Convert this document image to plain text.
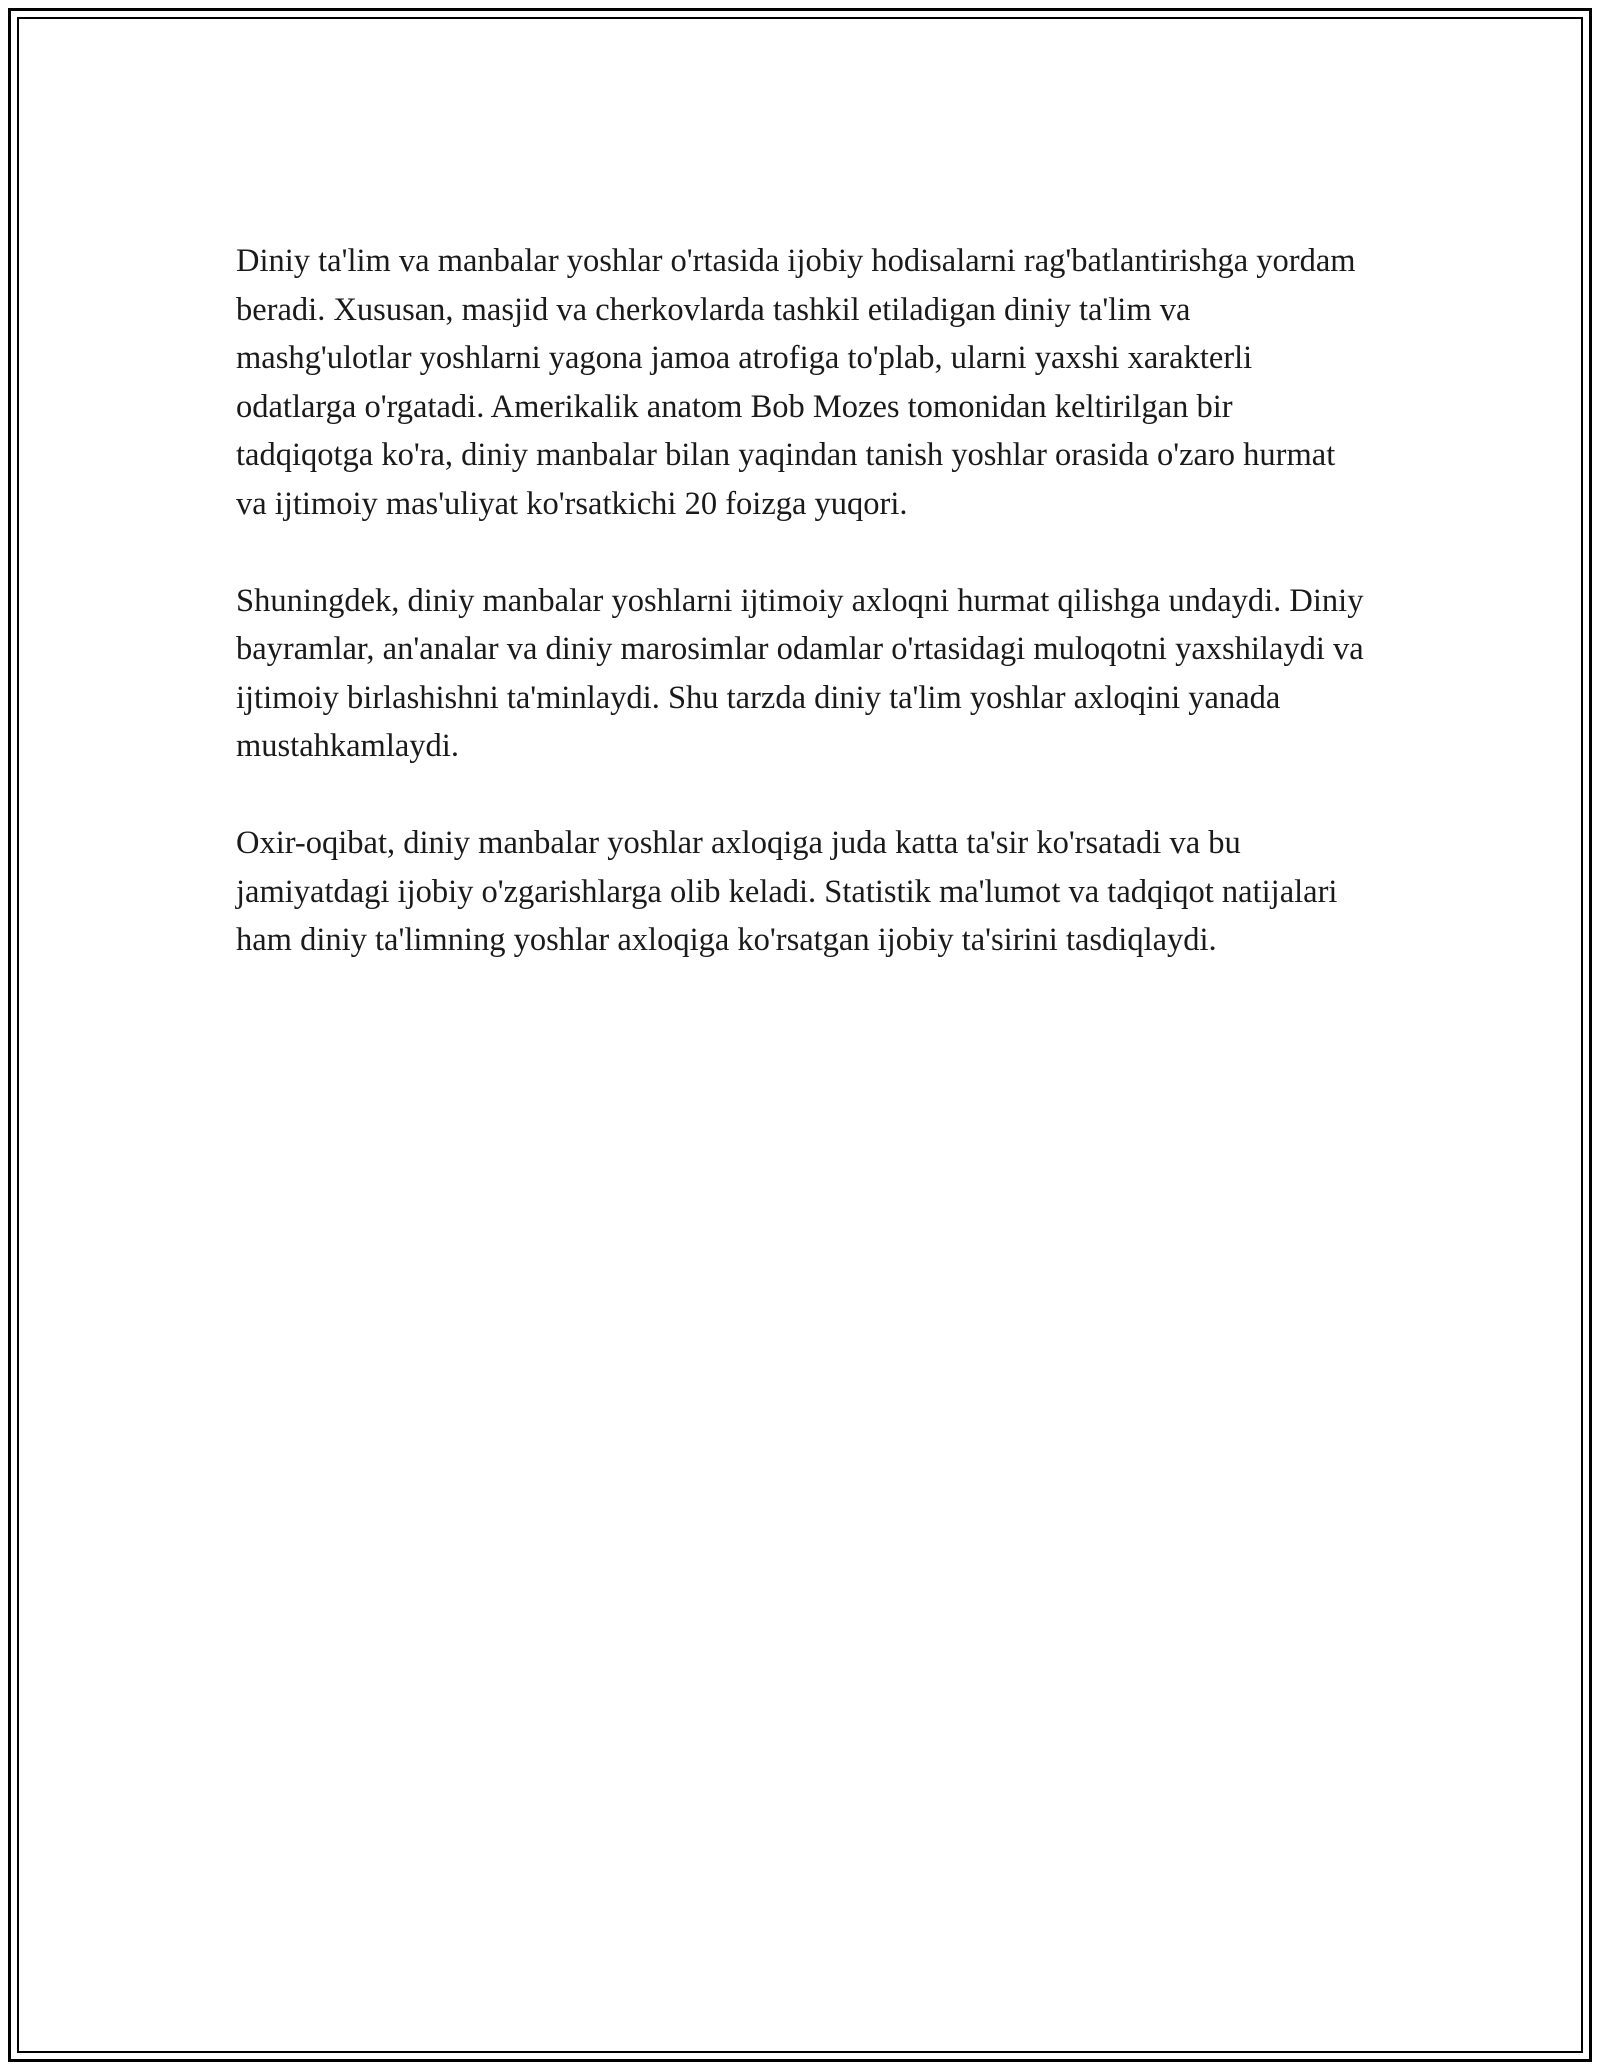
Diniy ta'lim va manbalar yoshlar o'rtasida ijobiy hodisalarni rag'batlantirishga yordam beradi. Xususan, masjid va cherkovlarda tashkil etiladigan diniy ta'lim va mashg'ulotlar yoshlarni yagona jamoa atrofiga to'plab, ularni yaxshi xarakterli odatlarga o'rgatadi. Amerikalik anatom Bob Mozes tomonidan keltirilgan bir tadqiqotga ko'ra, diniy manbalar bilan yaqindan tanish yoshlar orasida o'zaro hurmat va ijtimoiy mas'uliyat ko'rsatkichi 20 foizga yuqori.

Shuningdek, diniy manbalar yoshlarni ijtimoiy axloqni hurmat qilishga undaydi. Diniy bayramlar, an'analar va diniy marosimlar odamlar o'rtasidagi muloqotni yaxshilaydi va ijtimoiy birlashishni ta'minlaydi. Shu tarzda diniy ta'lim yoshlar axloqini yanada mustahkamlaydi.

Oxir-oqibat, diniy manbalar yoshlar axloqiga juda katta ta'sir ko'rsatadi va bu jamiyatdagi ijobiy o'zgarishlarga olib keladi. Statistik ma'lumot va tadqiqot natijalari ham diniy ta'limning yoshlar axloqiga ko'rsatgan ijobiy ta'sirini tasdiqlaydi.
